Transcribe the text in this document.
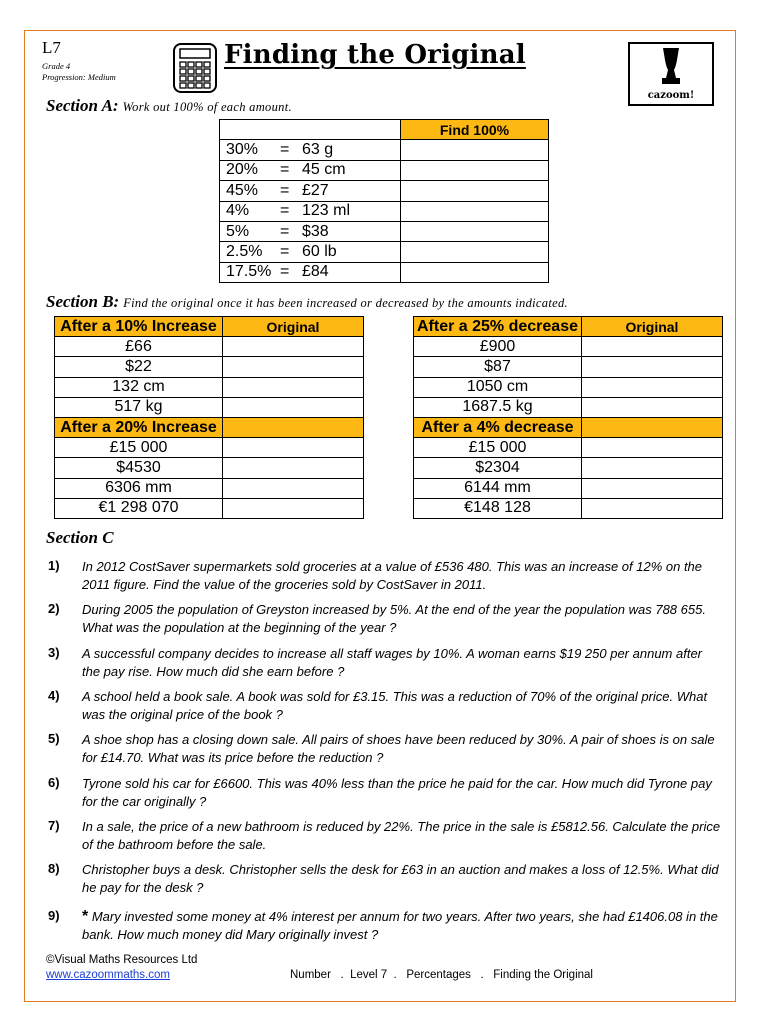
L7
Grade 4
Progression: Medium
Finding the Original
cazoom!
Section A: Work out 100% of each amount.
	Find 100%
30% = 63 g	
20% = 45 cm	
45% = £27	
4% = 123 ml	
5% = $38	
2.5% = 60 lb	
17.5% = £84	
Section B: Find the original once it has been increased or decreased by the amounts indicated.
After a 10% Increase	Original
£66	
$22	
132 cm	
517 kg	
After a 20% Increase	
£15 000	
$4530	
6306 mm	
€1 298 070	
After a 25% decrease	Original
£900	
$87	
1050 cm	
1687.5 kg	
After a 4% decrease	
£15 000	
$2304	
6144 mm	
€148 128	
Section C
1) In 2012 CostSaver supermarkets sold groceries at a value of £536 480. This was an increase of 12% on the 2011 figure. Find the value of the groceries sold by CostSaver in 2011.
2) During 2005 the population of Greyston increased by 5%. At the end of the year the population was 788 655. What was the population at the beginning of the year ?
3) A successful company decides to increase all staff wages by 10%. A woman earns $19 250 per annum after the pay rise. How much did she earn before ?
4) A school held a book sale. A book was sold for £3.15. This was a reduction of 70% of the original price. What was the original price of the book ?
5) A shoe shop has a closing down sale. All pairs of shoes have been reduced by 30%. A pair of shoes is on sale for £14.70. What was its price before the reduction ?
6) Tyrone sold his car for £6600. This was 40% less than the price he paid for the car. How much did Tyrone pay for the car originally ?
7) In a sale, the price of a new bathroom is reduced by 22%. The price in the sale is £5812.56. Calculate the price of the bathroom before the sale.
8) Christopher buys a desk. Christopher sells the desk for £63 in an auction and makes a loss of 12.5%. What did he pay for the desk ?
9) * Mary invested some money at 4% interest per annum for two years. After two years, she had £1406.08 in the bank. How much money did Mary originally invest ?
©Visual Maths Resources Ltd
www.cazoommaths.com	Number   .  Level 7  .   Percentages   .   Finding the Original
